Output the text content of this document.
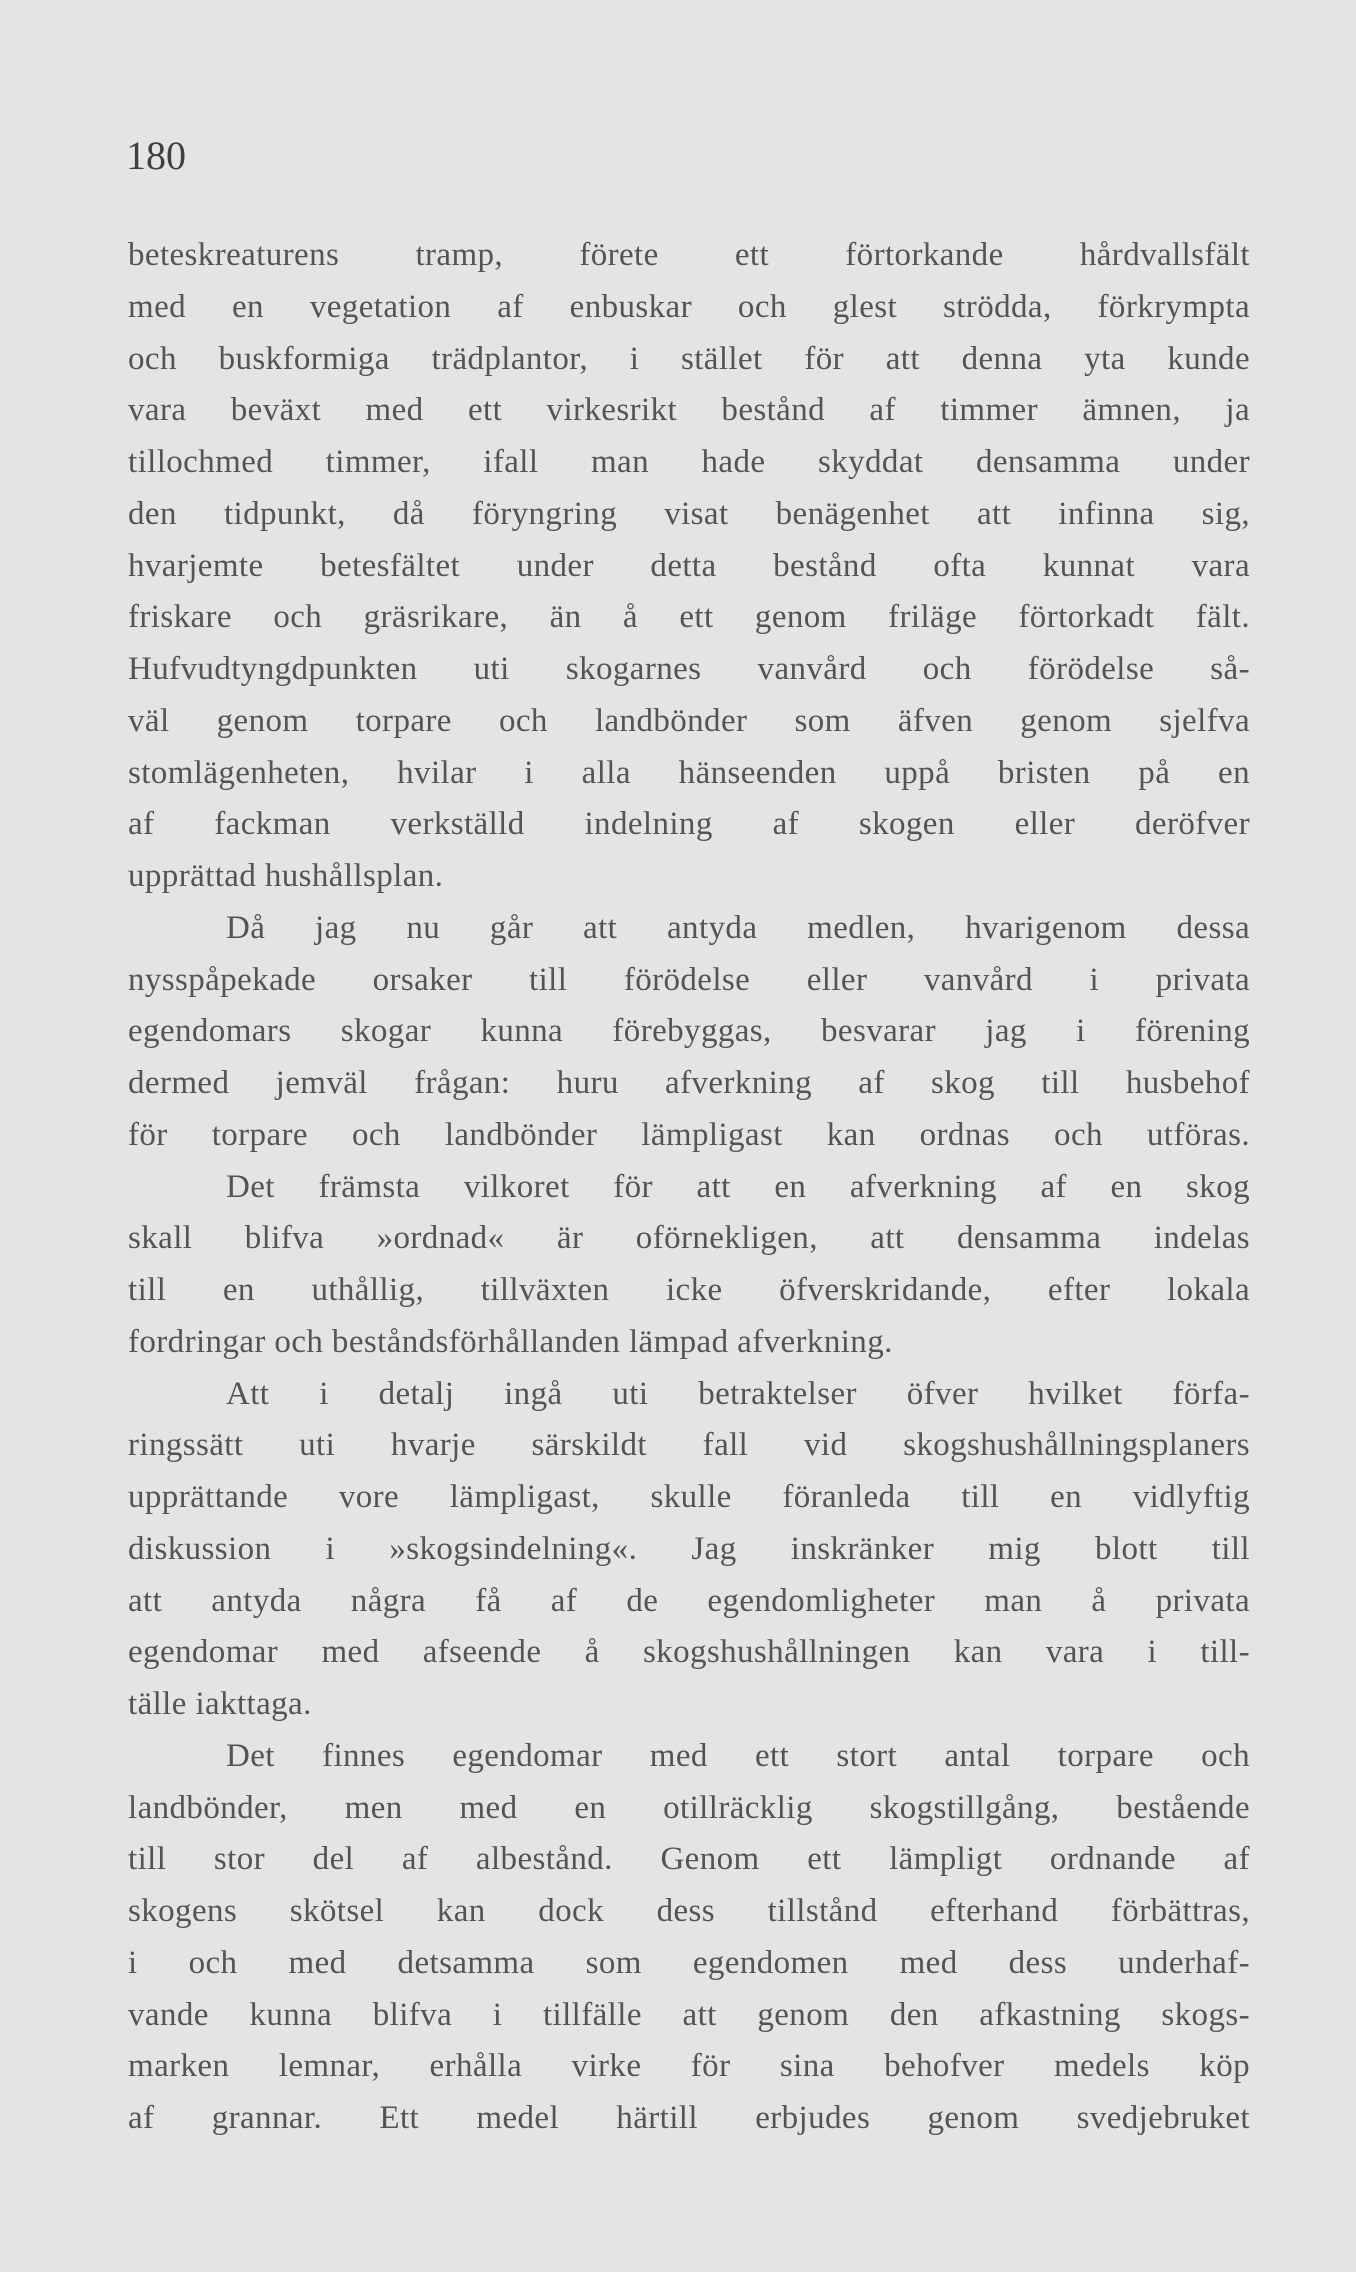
180
beteskreaturens tramp, förete ett förtorkande hårdvallsfält
med en vegetation af enbuskar och glest strödda, förkrympta
och buskformiga trädplantor, i stället för att denna yta kunde
vara beväxt med ett virkesrikt bestånd af timmer ämnen, ja
tillochmed timmer, ifall man hade skyddat densamma under
den tidpunkt, då föryngring visat benägenhet att infinna sig,
hvarjemte betesfältet under detta bestånd ofta kunnat vara
friskare och gräsrikare, än å ett genom friläge förtorkadt fält.
Hufvudtyngdpunkten uti skogarnes vanvård och förödelse så-
väl genom torpare och landbönder som äfven genom sjelfva
stomlägenheten, hvilar i alla hänseenden uppå bristen på en
af fackman verkställd indelning af skogen eller deröfver
upprättad hushållsplan.
Då jag nu går att antyda medlen, hvarigenom dessa
nysspåpekade orsaker till förödelse eller vanvård i privata
egendomars skogar kunna förebyggas, besvarar jag i förening
dermed jemväl frågan: huru afverkning af skog till husbehof
för torpare och landbönder lämpligast kan ordnas och utföras.
Det främsta vilkoret för att en afverkning af en skog
skall blifva »ordnad« är oförnekligen, att densamma indelas
till en uthållig, tillväxten icke öfverskridande, efter lokala
fordringar och beståndsförhållanden lämpad afverkning.
Att i detalj ingå uti betraktelser öfver hvilket förfa-
ringssätt uti hvarje särskildt fall vid skogshushållningsplaners
upprättande vore lämpligast, skulle föranleda till en vidlyftig
diskussion i »skogsindelning«. Jag inskränker mig blott till
att antyda några få af de egendomligheter man å privata
egendomar med afseende å skogshushållningen kan vara i till-
tälle iakttaga.
Det finnes egendomar med ett stort antal torpare och
landbönder, men med en otillräcklig skogstillgång, bestående
till stor del af albestånd. Genom ett lämpligt ordnande af
skogens skötsel kan dock dess tillstånd efterhand förbättras,
i och med detsamma som egendomen med dess underhaf-
vande kunna blifva i tillfälle att genom den afkastning skogs-
marken lemnar, erhålla virke för sina behofver medels köp
af grannar. Ett medel härtill erbjudes genom svedjebruket
